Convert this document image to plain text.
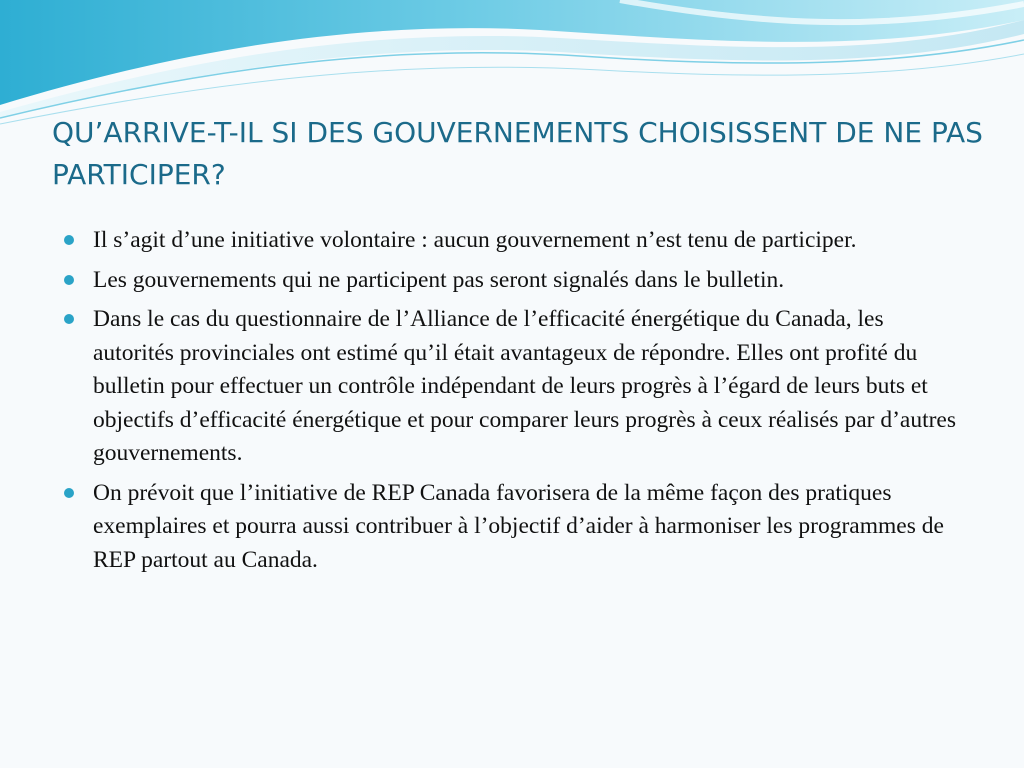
QU’ARRIVE-T-IL SI DES GOUVERNEMENTS CHOISISSENT DE NE PAS PARTICIPER?
Il s’agit d’une initiative volontaire : aucun gouvernement n’est tenu de participer.
Les gouvernements qui ne participent pas seront signalés dans le bulletin.
Dans le cas du questionnaire de l’Alliance de l’efficacité énergétique du Canada, les autorités provinciales ont estimé qu’il était avantageux de répondre. Elles ont profité du bulletin pour effectuer un contrôle indépendant de leurs progrès à l’égard de leurs buts et objectifs d’efficacité énergétique et pour comparer leurs progrès à ceux réalisés par d’autres gouvernements.
On prévoit que l’initiative de REP Canada favorisera de la même façon des pratiques exemplaires et pourra aussi contribuer à l’objectif d’aider à harmoniser les programmes de REP partout au Canada.
